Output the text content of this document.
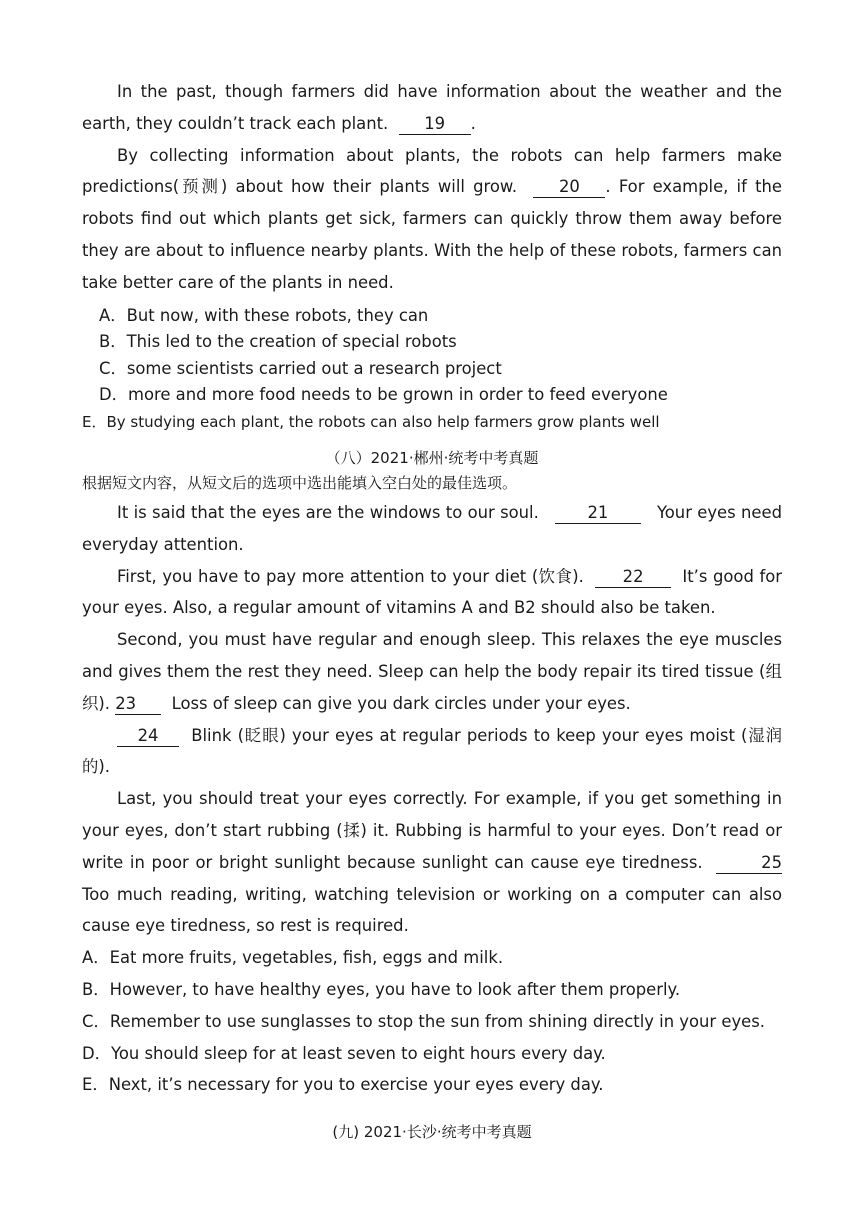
In the past, though farmers did have information about the weather and the earth, they couldn’t track each plant. 19 .

By collecting information about plants, the robots can help farmers make predictions(预测) about how their plants will grow.	20 . For example, if the robots find out which plants get sick, farmers can quickly throw them away before they are about to influence nearby plants. With the help of these robots, farmers can take better care of the plants in need.

A．But now, with these robots, they can
B．This led to the creation of special robots
C．some scientists carried out a research project
D．more and more food needs to be grown in order to feed everyone
E．By studying each plant, the robots can also help farmers grow plants well
（八）2021·郴州·统考中考真题
根据短文内容，从短文后的选项中选出能填入空白处的最佳选项。

It is said that the eyes are the windows to our soul.	21	Your eyes need everyday attention.

First, you have to pay more attention to your diet (饮食). 22 It’s good for your eyes. Also, a regular amount of vitamins A and B2 should also be taken.

Second, you must have regular and enough sleep. This relaxes the eye muscles and gives them the rest they need. Sleep can help the body repair its tired tissue (组织). 23 Loss of sleep can give you dark circles under your eyes.

24 Blink (眨眼) your eyes at regular periods to keep your eyes moist (湿润的).

Last, you should treat your eyes correctly. For example, if you get something in your eyes, don’t start rubbing (揉) it. Rubbing is harmful to your eyes. Don’t read or write in poor or bright sunlight because sunlight can cause eye tiredness.	25 Too much reading, writing, watching television or working on a computer can also cause eye tiredness, so rest is required.

A．Eat more fruits, vegetables, fish, eggs and milk.
B．However, to have healthy eyes, you have to look after them properly.
C．Remember to use sunglasses to stop the sun from shining directly in your eyes.
D．You should sleep for at least seven to eight hours every day.
E．Next, it’s necessary for you to exercise your eyes every day.
(九) 2021·长沙·统考中考真题
